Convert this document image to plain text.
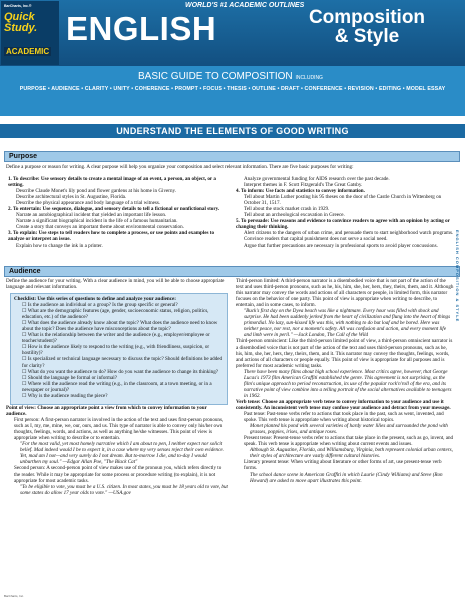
BarCharts, Inc.®
Quick
Study.
ACADEMIC
WORLD'S #1 ACADEMIC OUTLINES
ENGLISH	Composition
& Style
BASIC GUIDE TO COMPOSITION INCLUDING
PURPOSE • AUDIENCE • CLARITY • UNITY • COHERENCE • PROMPT • FOCUS • THESIS • OUTLINE • DRAFT • CONFERENCE • REVISION • EDITING • MODEL ESSAY
UNDERSTAND THE ELEMENTS OF GOOD WRITING
Purpose
Define a purpose or reason for writing. A clear purpose will help you organize your composition and select relevant information. There are five basic purposes for writing:

1. To describe: Use sensory details to create a mental image of an event, a person, an object, or a setting.

Describe Claude Monet's lily pond and flower gardens at his home in Giverny.

Describe architectural styles in St. Augustine, Florida.

Describe the physical appearance and body language of a trial witness.

2. To entertain: Use sequence, dialogue, and sensory details to tell a fictional or nonfictional story.

Narrate an autobiographical incident that yielded an important life lesson.

Narrate a significant biographical incident in the life of a famous humanitarian.

Create a story that conveys an important theme about environmental conservation.

3. To explain: Use steps to tell readers how to complete a process, or use points and examples to analyze or interpret an issue.

Explain how to change the ink in a printer.

Analyze governmental funding for AIDS research over the past decade.

Interpret themes in F. Scott Fitzgerald's The Great Gatsby.

4. To inform: Use facts and statistics to convey information.

Tell about Martin Luther posting his 95 theses on the door of the Castle Church in Wittenberg on October 31, 1517.

Tell about the stock market crash in 1929.

Tell about an archeological excavation in Greece.

5. To persuade: Use reasons and evidence to convince readers to agree with an opinion by acting or changing their thinking.

Alert citizens to the dangers of urban crime, and persuade them to start neighborhood watch programs.

Convince readers that capital punishment does not serve a social need.

Argue that further precautions are necessary in professional sports to avoid player concussions.

Audience
Define the audience for your writing. With a clear audience in mind, you will be able to choose appropriate language and relevant information.

Checklist: Use this series of questions to define and analyze your audience:

☐ Is the audience an individual or a group? Is the group specific or general?

☐ What are the demographic features (age, gender, socioeconomic status, religion, politics, education, etc.) of the audience?

☐ What does the audience already know about the topic? What does the audience need to know about the topic? Does the audience have misconceptions about the topic?

☐ What is the relationship between the writer and the audience (e.g., employer/employee or teacher/student)?

☐ How is the audience likely to respond to the writing (e.g., with friendliness, suspicion, or hostility)?

☐ Is specialized or technical language necessary to discuss the topic? Should definitions be added for clarity?

☐ What do you want the audience to do? How do you want the audience to change its thinking?

☐ Should the language be formal or informal?

☐ Where will the audience read the writing (e.g., in the classroom, at a town meeting, or in a newspaper or journal)?

☐ Why is the audience reading the piece?

Point of view: Choose an appropriate point a view from which to convey information to your audience.

First person: A first-person narrator is involved in the action of the text and uses first-person pronouns, such as I, my, me, mine, we, our, ours, and us. This type of narrator is able to convey only his/her own thoughts, feelings, words, and actions, as well as anything he/she witnesses. This point of view is appropriate when writing to describe or to entertain.

"For the most valid, yet most homely narrative which I am about to pen, I neither expect nor solicit belief. Mad indeed would I be to expect it, in a case where my very senses reject their own evidence. Yet, mad am I not—and very surely do I not dream. But to-morrow I die, and to-day I would unburthen my soul." —Edgar Allan Poe, "The Black Cat"

Second person: A second-person point of view makes use of the pronoun you, which refers directly to the reader. While it may be appropriate for some process or procedure writing (to explain), it is not appropriate for most academic tasks.

"To be eligible to vote, you must be a U.S. citizen. In most states, you must be 18 years old to vote, but some states do allow 17 year olds to vote." —USA.gov

Third-person limited: A third-person narrator is a disembodied voice that is not part of the action of the text and uses third-person pronouns, such as he, his, him, she, her, hers, they, theirs, them, and it. Although this narrator may convey the words and actions of all characters or people, in limited form, this narrator focuses on the behavior of one party. This point of view is appropriate when writing to describe, to entertain, and in some cases, to inform.

"Buck's first day on the Dyea beach was like a nightmare. Every hour was filled with shock and surprise. He had been suddenly jerked from the heart of civilization and flung into the heart of things primordial. No lazy, sun-kissed life was this, with nothing to do but loaf and be bored. Here was neither peace, nor rest, nor a moment's safety. All was confusion and action, and every moment life and limb were in peril." —Jack London, The Call of the Wild

Third-person omniscient: Like the third-person limited point of view, a third-person omniscient narrator is a disembodied voice that is not part of the action of the text and uses third-person pronouns, such as he, his, him, she, her, hers, they, theirs, them, and it. This narrator may convey the thoughts, feelings, words, and actions of all characters or people equally. This point of view is appropriate for all purposes and is preferred for most academic writing tasks.

There have been many films about high school experience. Most critics agree, however, that George Lucas's 1973 film American Graffiti established the genre. This agreement is not surprising, as the film's unique approach to period reconstruction, its use of the popular rock'n'roll of the era, and its narrative point of view combine into a telling portrait of the social alternatives available to teenagers in 1962.

Verb tense: Choose an appropriate verb tense to convey information to your audience and use it consistently. An inconsistent verb tense may confuse your audience and detract from your message.

Past tense: Past-tense verbs refer to actions that took place in the past, such as went, invented, and spoke. This verb tense is appropriate when writing about historical topics.

Monet planted his pond with several varieties of hardy water lilies and surrounded the pond with grasses, poppies, irises, and antique roses.

Present tense: Present-tense verbs refer to actions that take place in the present, such as go, invent, and speak. This verb tense is appropriate when writing about current events and issues.

Although St. Augustine, Florida, and Williamsburg, Virginia, both represent colonial urban centers, their styles of architecture are vastly different cultural histories.

Literary present tense: When writing about literature or other forms of art, use present-tense verb forms.

The school dance scene in American Graffiti in which Laurie (Cindy Williams) and Steve (Ron Howard) are asked to move apart illustrates this point.

ENGLISH COMPOSITION & STYLE
BarCharts, Inc.
